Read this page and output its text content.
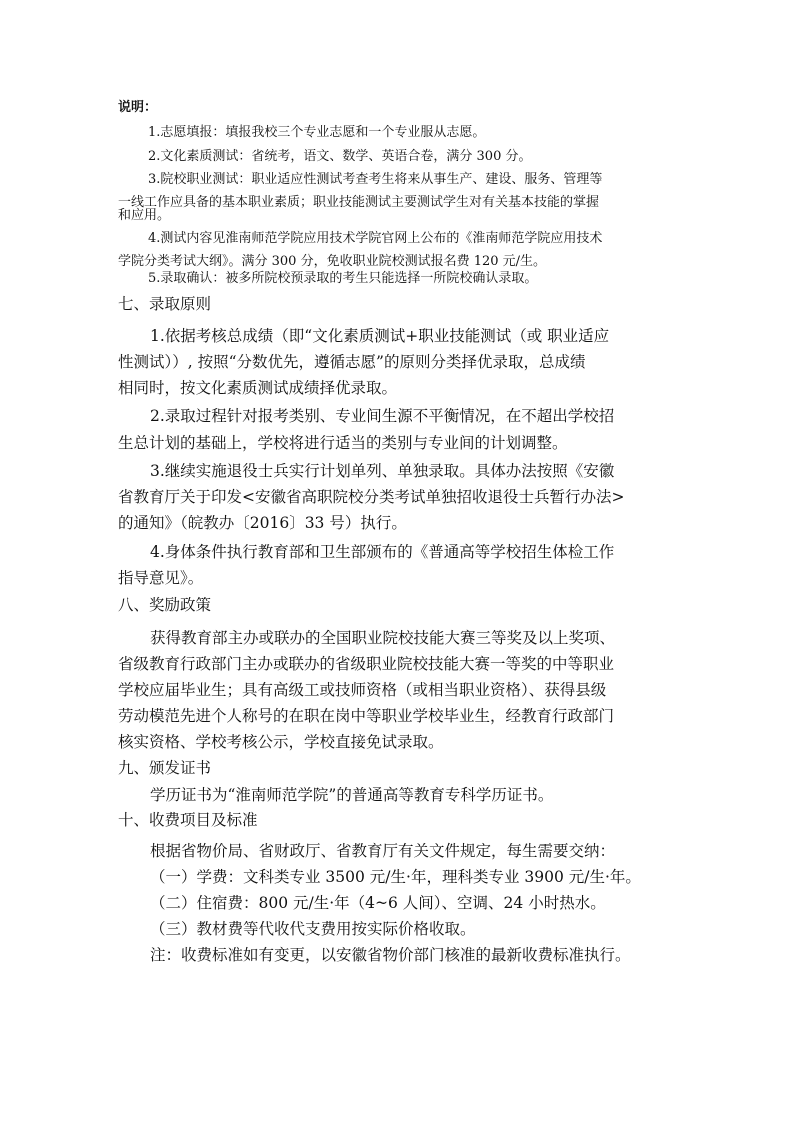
说明：
1.志愿填报：填报我校三个专业志愿和一个专业服从志愿。
2.文化素质测试：省统考，语文、数学、英语合卷，满分 300 分。
3.院校职业测试：职业适应性测试考查考生将来从事生产、建设、服务、管理等
一线工作应具备的基本职业素质；职业技能测试主要测试学生对有关基本技能的掌握
和应用。
4.测试内容见淮南师范学院应用技术学院官网上公布的《淮南师范学院应用技术
学院分类考试大纲》。满分 300 分，免收职业院校测试报名费 120 元/生。
5.录取确认：被多所院校预录取的考生只能选择一所院校确认录取。
七、录取原则
1.依据考核总成绩（即“文化素质测试+职业技能测试（或 职业适应
性测试））, 按照“分数优先，遵循志愿”的原则分类择优录取，总成绩
相同时，按文化素质测试成绩择优录取。
2.录取过程针对报考类别、专业间生源不平衡情况，在不超出学校招
生总计划的基础上，学校将进行适当的类别与专业间的计划调整。
3.继续实施退役士兵实行计划单列、单独录取。具体办法按照《安徽
省教育厅关于印发<安徽省高职院校分类考试单独招收退役士兵暂行办法>
的通知》（皖教办〔2016〕33 号）执行。
4.身体条件执行教育部和卫生部颁布的《普通高等学校招生体检工作
指导意见》。
八、奖励政策
获得教育部主办或联办的全国职业院校技能大赛三等奖及以上奖项、
省级教育行政部门主办或联办的省级职业院校技能大赛一等奖的中等职业
学校应届毕业生；具有高级工或技师资格（或相当职业资格）、获得县级
劳动模范先进个人称号的在职在岗中等职业学校毕业生，经教育行政部门
核实资格、学校考核公示，学校直接免试录取。
九、颁发证书
学历证书为“淮南师范学院”的普通高等教育专科学历证书。
十、收费项目及标准
根据省物价局、省财政厅、省教育厅有关文件规定，每生需要交纳：
（一）学费：文科类专业 3500 元/生·年，理科类专业 3900 元/生·年。
（二）住宿费：800 元/生·年（4~6 人间）、空调、24 小时热水。
（三）教材费等代收代支费用按实际价格收取。
注：收费标准如有变更，以安徽省物价部门核准的最新收费标准执行。
